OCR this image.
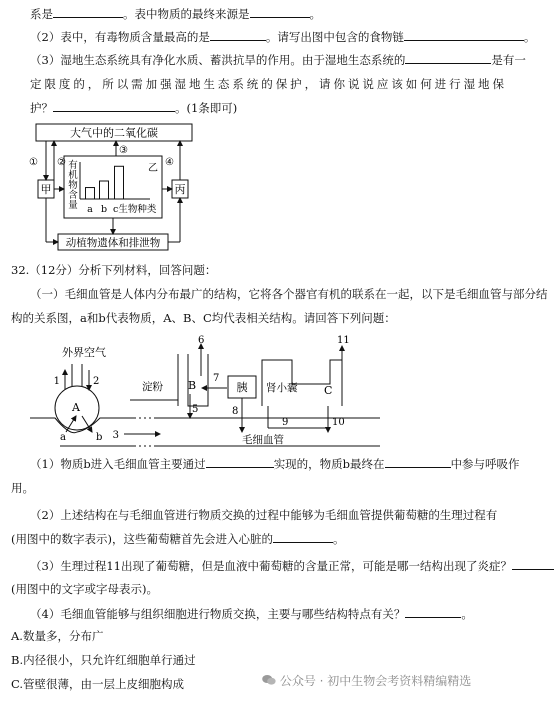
系是	。表中物质的最终来源是	。
（2）表中，有毒物质含量最高的是	。请写出图中包含的食物链	。
（3）湿地生态系统具有净化水质、蓄洪抗旱的作用。由于湿地生态系统的	是有一
定限度的，所以需加强湿地生态系统的保护，请你说说应该如何进行湿地保
护？	。(1条即可)
大气中的二氧化碳
甲	丙
动植物遗体和排泄物
乙
有
机
物
含
量 a b c生物种类
① ②
③
④
32.（12分）分析下列材料，回答问题：
（一）毛细血管是人体内分布最广的结构，它将各个器官有机的联系在一起，以下是毛细血管与部分结
构的关系图，a和b代表物质，A、B、C均代表相关结构。请回答下列问题：
外界空气
1	2
A
a	b 3	毛细血管
淀粉 B
6
5
7
胰
8
肾小囊 C
9	10
11
（1）物质b进入毛细血管主要通过	实现的，物质b最终在	中参与呼吸作
用。
（2）上述结构在与毛细血管进行物质交换的过程中能够为毛细血管提供葡萄糖的生理过程有
(用图中的数字表示)，这些葡萄糖首先会进入心脏的	。
（3）生理过程11出现了葡萄糖，但是血液中葡萄糖的含量正常，可能是哪一结构出现了炎症？
(用图中的文字或字母表示)。
（4）毛细血管能够与组织细胞进行物质交换，主要与哪些结构特点有关？	。
A.数量多，分布广
B.内径很小，只允许红细胞单行通过
C.管壁很薄，由一层上皮细胞构成	公众号 · 初中生物会考资料精编精选
